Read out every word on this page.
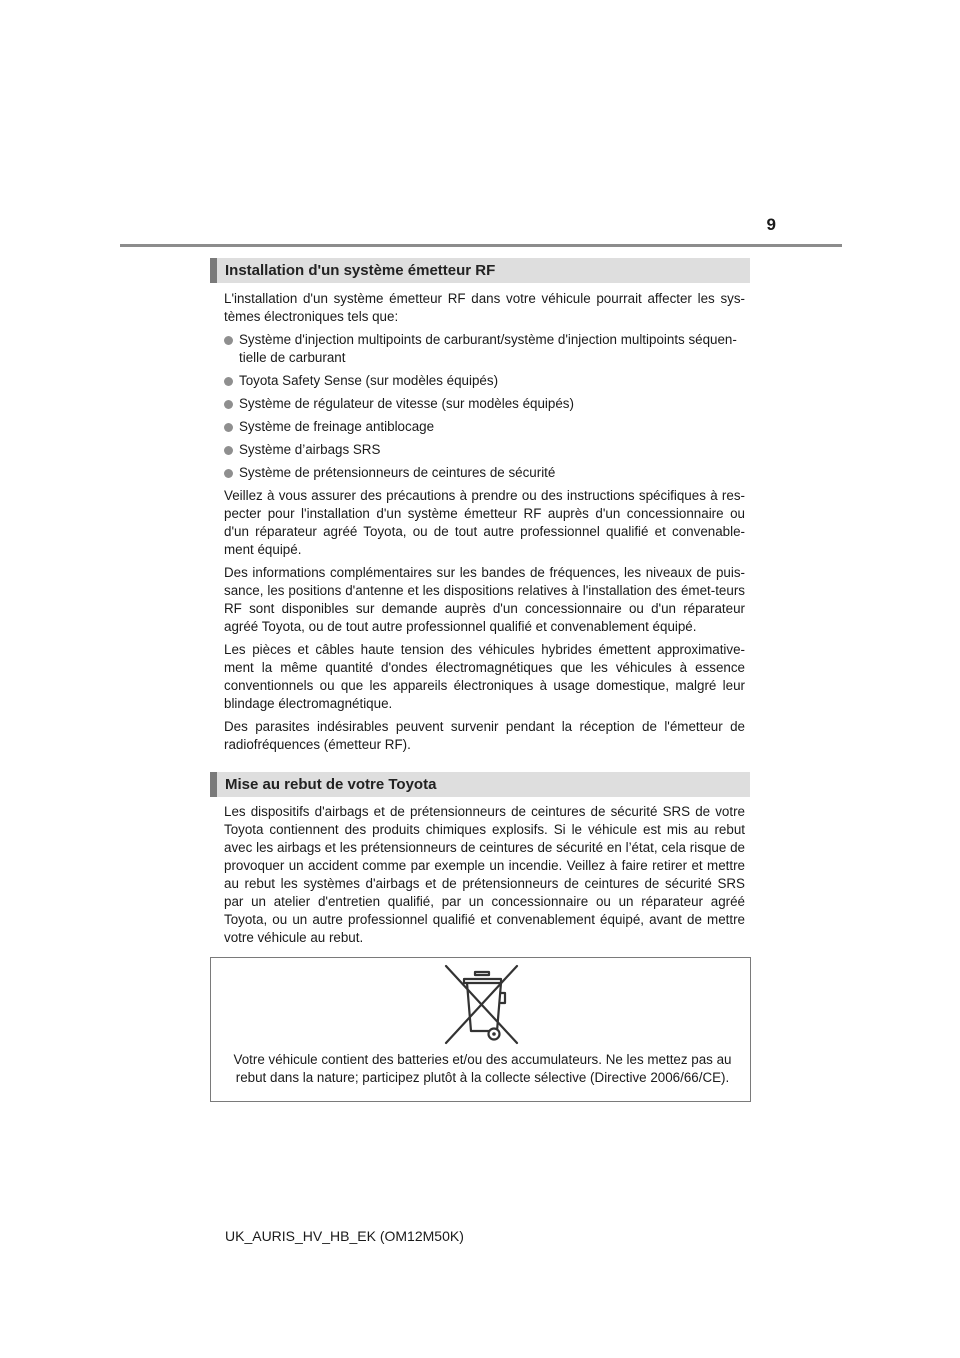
9
Installation d'un système émetteur RF

L'installation d'un système émetteur RF dans votre véhicule pourrait affecter les sys-tèmes électroniques tels que:

Système d'injection multipoints de carburant/système d'injection multipoints séquen-tielle de carburant
Toyota Safety Sense (sur modèles équipés)
Système de régulateur de vitesse (sur modèles équipés)
Système de freinage antiblocage
Système d’airbags SRS
Système de prétensionneurs de ceintures de sécurité

Veillez à vous assurer des précautions à prendre ou des instructions spécifiques à res-pecter pour l'installation d'un système émetteur RF auprès d'un concessionnaire ou d'un réparateur agréé Toyota, ou de tout autre professionnel qualifié et convenable-ment équipé.

Des informations complémentaires sur les bandes de fréquences, les niveaux de puis-sance, les positions d'antenne et les dispositions relatives à l'installation des émet-teurs RF sont disponibles sur demande auprès d'un concessionnaire ou d'un réparateur agréé Toyota, ou de tout autre professionnel qualifié et convenablement équipé.

Les pièces et câbles haute tension des véhicules hybrides émettent approximative-ment la même quantité d'ondes électromagnétiques que les véhicules à essence conventionnels ou que les appareils électroniques à usage domestique, malgré leur blindage électromagnétique.

Des parasites indésirables peuvent survenir pendant la réception de l'émetteur de radiofréquences (émetteur RF).

Mise au rebut de votre Toyota

Les dispositifs d'airbags et de prétensionneurs de ceintures de sécurité SRS de votre Toyota contiennent des produits chimiques explosifs. Si le véhicule est mis au rebut avec les airbags et les prétensionneurs de ceintures de sécurité en l’état, cela risque de provoquer un accident comme par exemple un incendie. Veillez à faire retirer et mettre au rebut les systèmes d'airbags et de prétensionneurs de ceintures de sécurité SRS par un atelier d'entretien qualifié, par un concessionnaire ou un réparateur agréé Toyota, ou un autre professionnel qualifié et convenablement équipé, avant de mettre votre véhicule au rebut.

Votre véhicule contient des batteries et/ou des accumulateurs. Ne les mettez pas au rebut dans la nature; participez plutôt à la collecte sélective (Directive 2006/66/CE).
UK_AURIS_HV_HB_EK (OM12M50K)
